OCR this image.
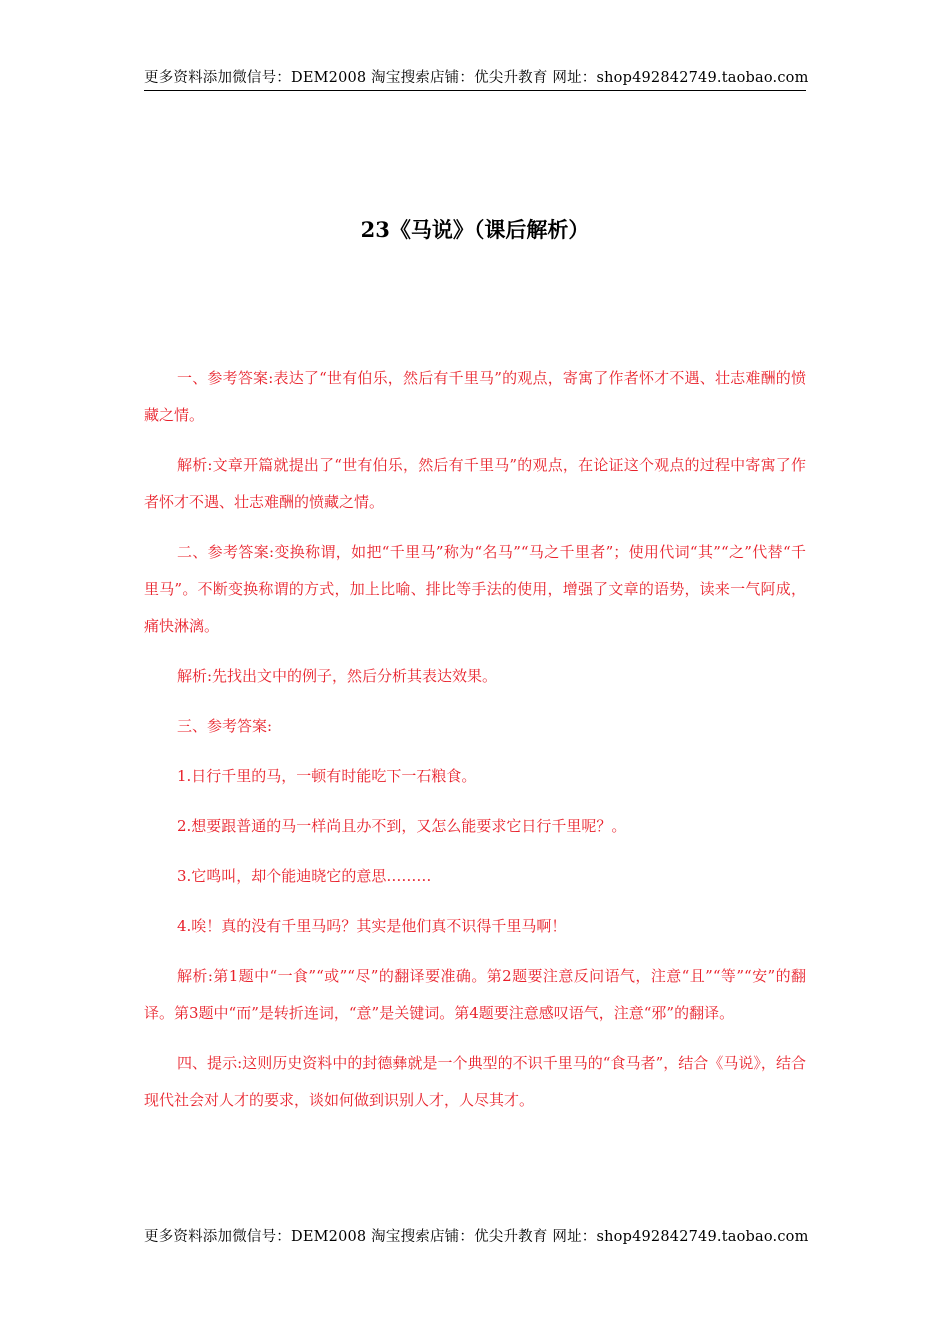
更多资料添加微信号：DEM2008 淘宝搜索店铺：优尖升教育 网址：shop492842749.taobao.com
23《马说》（课后解析）

一、参考答案:表达了“世有伯乐，然后有千里马”的观点，寄寓了作者怀才不遇、壮志难酬的愤藏之情。

解析:文章开篇就提出了“世有伯乐，然后有千里马”的观点，在论证这个观点的过程中寄寓了作者怀才不遇、壮志难酬的愤藏之情。

二、参考答案:变换称谓，如把“千里马”称为“名马”“马之千里者”；使用代词“其”“之”代替“千里马”。不断变换称谓的方式，加上比喻、排比等手法的使用，增强了文章的语势，读来一气阿成，痛快淋漓。

解析:先找出文中的例子，然后分析其表达效果。

三、参考答案:

1.日行千里的马，一顿有时能吃下一石粮食。

2.想要跟普通的马一样尚且办不到，又怎么能要求它日行千里呢？。

3.它鸣叫，却个能迪晓它的意思………

4.唉！真的没有千里马吗？其实是他们真不识得千里马啊！

解析:第1题中“一食”“或”“尽”的翻译要准确。第2题要注意反问语气，注意“且”“等”“安”的翻译。第3题中“而”是转折连词，“意”是关键词。第4题要注意感叹语气，注意“邪”的翻译。

四、提示:这则历史资料中的封德彝就是一个典型的不识千里马的“食马者”，结合《马说》，结合现代社会对人才的要求，谈如何做到识别人才，人尽其才。

更多资料添加微信号：DEM2008 淘宝搜索店铺：优尖升教育 网址：shop492842749.taobao.com
